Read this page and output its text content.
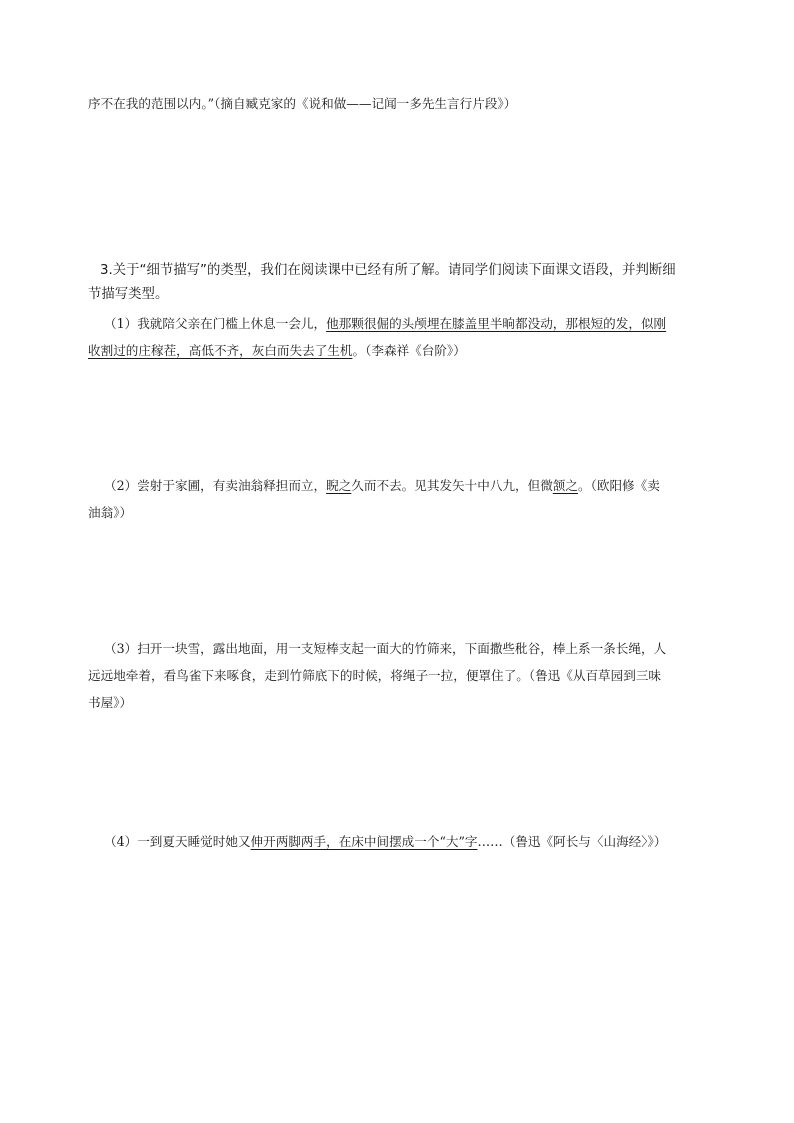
序不在我的范围以内。”（摘自臧克家的《说和做——记闻一多先生言行片段》）
3.关于“细节描写”的类型，我们在阅读课中已经有所了解。请同学们阅读下面课文语段，并判断细
节描写类型。
（1）我就陪父亲在门槛上休息一会儿，他那颗很倔的头颅埋在膝盖里半晌都没动，那根短的发，似刚
收割过的庄稼茬，高低不齐，灰白而失去了生机。（李森祥《台阶》）
（2）尝射于家圃，有卖油翁释担而立，睨之久而不去。见其发矢十中八九，但微颔之。（欧阳修《卖
油翁》）
（3）扫开一块雪，露出地面，用一支短棒支起一面大的竹筛来，下面撒些秕谷，棒上系一条长绳，人
远远地牵着，看鸟雀下来啄食，走到竹筛底下的时候，将绳子一拉，便罩住了。（鲁迅《从百草园到三味
书屋》）
（4）一到夏天睡觉时她又伸开两脚两手，在床中间摆成一个“大”字……（鲁迅《阿长与〈山海经〉》）
